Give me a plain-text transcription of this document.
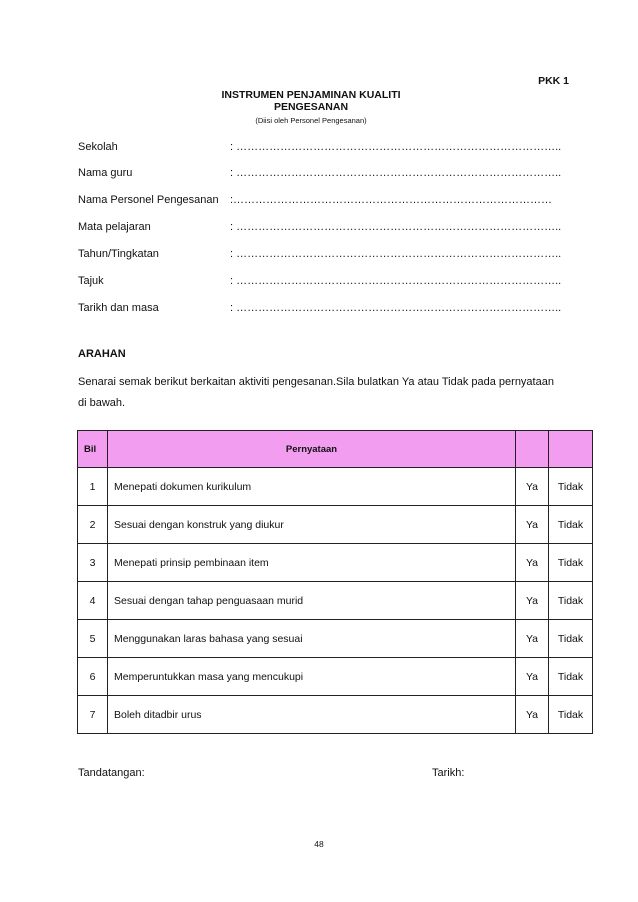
PKK 1
INSTRUMEN PENJAMINAN KUALITI
PENGESANAN
(Diisi oleh Personel Pengesanan)
Sekolah	: ……………………………………………………………………………..
Nama guru	: ……………………………………………………………………………..
Nama Personel Pengesanan :……………………………………………………………………………
Mata pelajaran	: ……………………………………………………………………………..
Tahun/Tingkatan	: ……………………………………………………………………………..
Tajuk	: ……………………………………………………………………………..
Tarikh dan masa	: ……………………………………………………………………………..
ARAHAN
Senarai semak berikut berkaitan aktiviti pengesanan.Sila bulatkan Ya atau Tidak pada pernyataan di bawah.
Bil	Pernyataan		
1	Menepati dokumen kurikulum	Ya	Tidak
2	Sesuai dengan konstruk yang diukur	Ya	Tidak
3	Menepati prinsip pembinaan item	Ya	Tidak
4	Sesuai dengan tahap penguasaan murid	Ya	Tidak
5	Menggunakan laras bahasa yang sesuai	Ya	Tidak
6	Memperuntukkan masa yang mencukupi	Ya	Tidak
7	Boleh ditadbir urus	Ya	Tidak
Tandatangan:	Tarikh:
48
